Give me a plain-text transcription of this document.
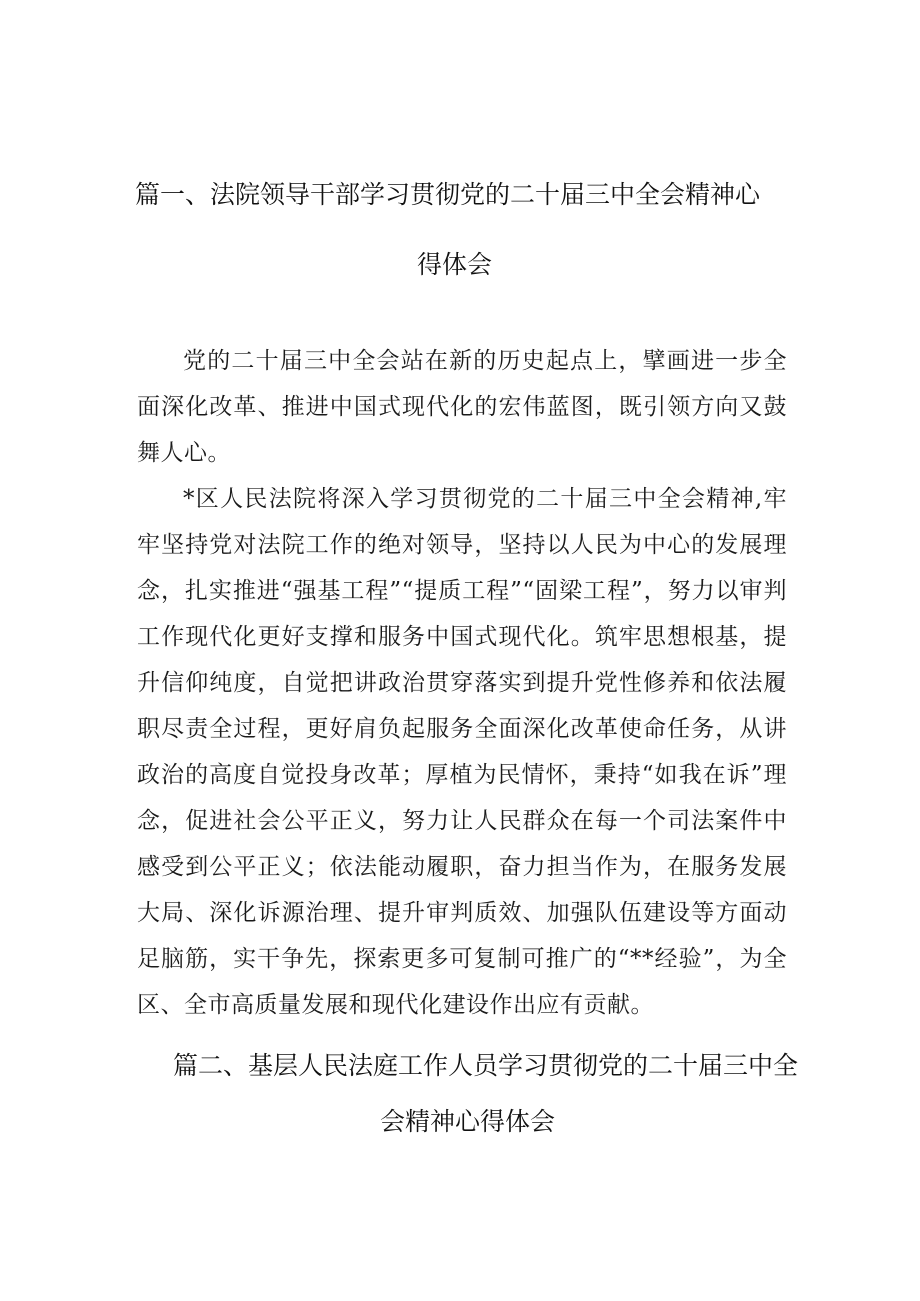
篇一、法院领导干部学习贯彻党的二十届三中全会精神心
得体会

党的二十届三中全会站在新的历史起点上，擘画进一步全面深化改革、推进中国式现代化的宏伟蓝图，既引领方向又鼓舞人心。

*区人民法院将深入学习贯彻党的二十届三中全会精神,牢牢坚持党对法院工作的绝对领导，坚持以人民为中心的发展理念，扎实推进“强基工程”“提质工程”“固梁工程”，努力以审判工作现代化更好支撑和服务中国式现代化。筑牢思想根基，提升信仰纯度，自觉把讲政治贯穿落实到提升党性修养和依法履职尽责全过程，更好肩负起服务全面深化改革使命任务，从讲政治的高度自觉投身改革；厚植为民情怀，秉持“如我在诉”理念，促进社会公平正义，努力让人民群众在每一个司法案件中感受到公平正义；依法能动履职，奋力担当作为，在服务发展大局、深化诉源治理、提升审判质效、加强队伍建设等方面动足脑筋，实干争先，探索更多可复制可推广的“**经验”，为全区、全市高质量发展和现代化建设作出应有贡献。

篇二、基层人民法庭工作人员学习贯彻党的二十届三中全
会精神心得体会
